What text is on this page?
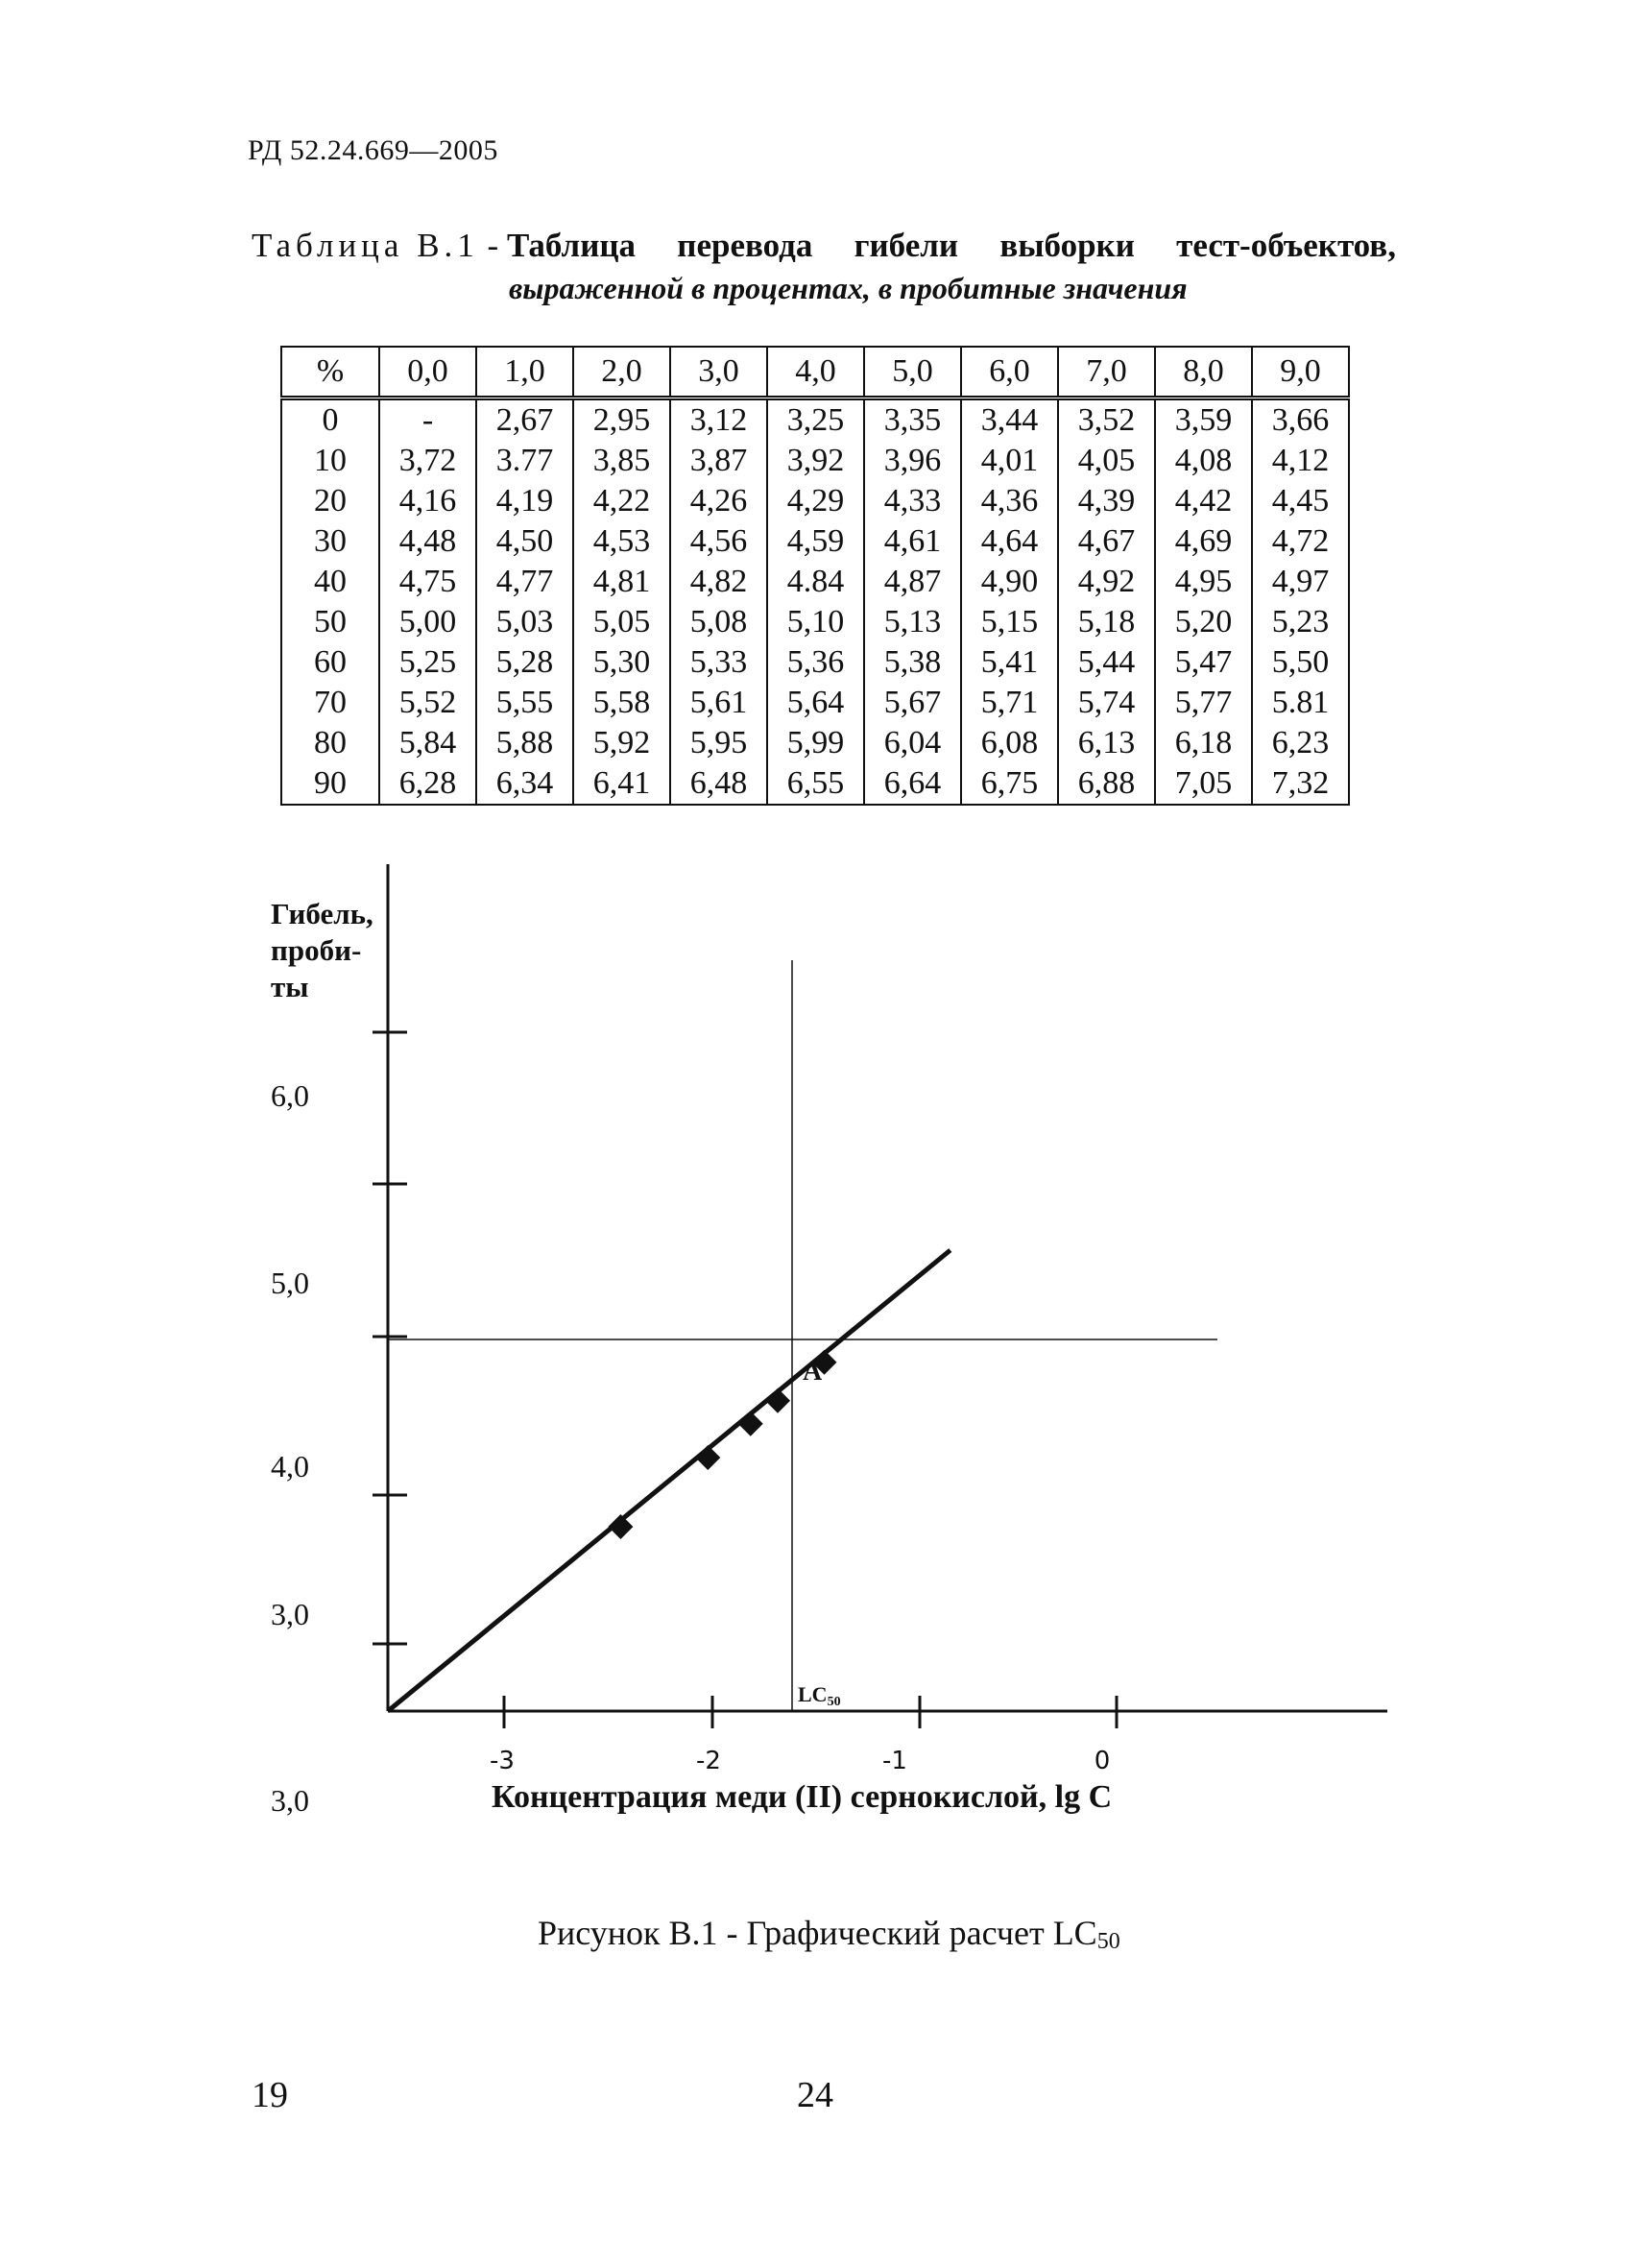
РД 52.24.669—2005
Таблица В.1 - Таблица перевода гибели выборки тест-объектов,
выраженной в процентах, в пробитные значения
%	0,0	1,0	2,0	3,0	4,0	5,0	6,0	7,0	8,0	9,0
0	-	2,67	2,95	3,12	3,25	3,35	3,44	3,52	3,59	3,66
10	3,72	3.77	3,85	3,87	3,92	3,96	4,01	4,05	4,08	4,12
20	4,16	4,19	4,22	4,26	4,29	4,33	4,36	4,39	4,42	4,45
30	4,48	4,50	4,53	4,56	4,59	4,61	4,64	4,67	4,69	4,72
40	4,75	4,77	4,81	4,82	4.84	4,87	4,90	4,92	4,95	4,97
50	5,00	5,03	5,05	5,08	5,10	5,13	5,15	5,18	5,20	5,23
60	5,25	5,28	5,30	5,33	5,36	5,38	5,41	5,44	5,47	5,50
70	5,52	5,55	5,58	5,61	5,64	5,67	5,71	5,74	5,77	5.81
80	5,84	5,88	5,92	5,95	5,99	6,04	6,08	6,13	6,18	6,23
90	6,28	6,34	6,41	6,48	6,55	6,64	6,75	6,88	7,05	7,32
Гибель,
проби-
ты
6,0
5,0
4,0
3,0
3,0
-3	-2	-1	0
Концентрация меди (II) сернокислой, lg C
A
LC50
Рисунок В.1 - Графический расчет $LC_{50}$
19	24
